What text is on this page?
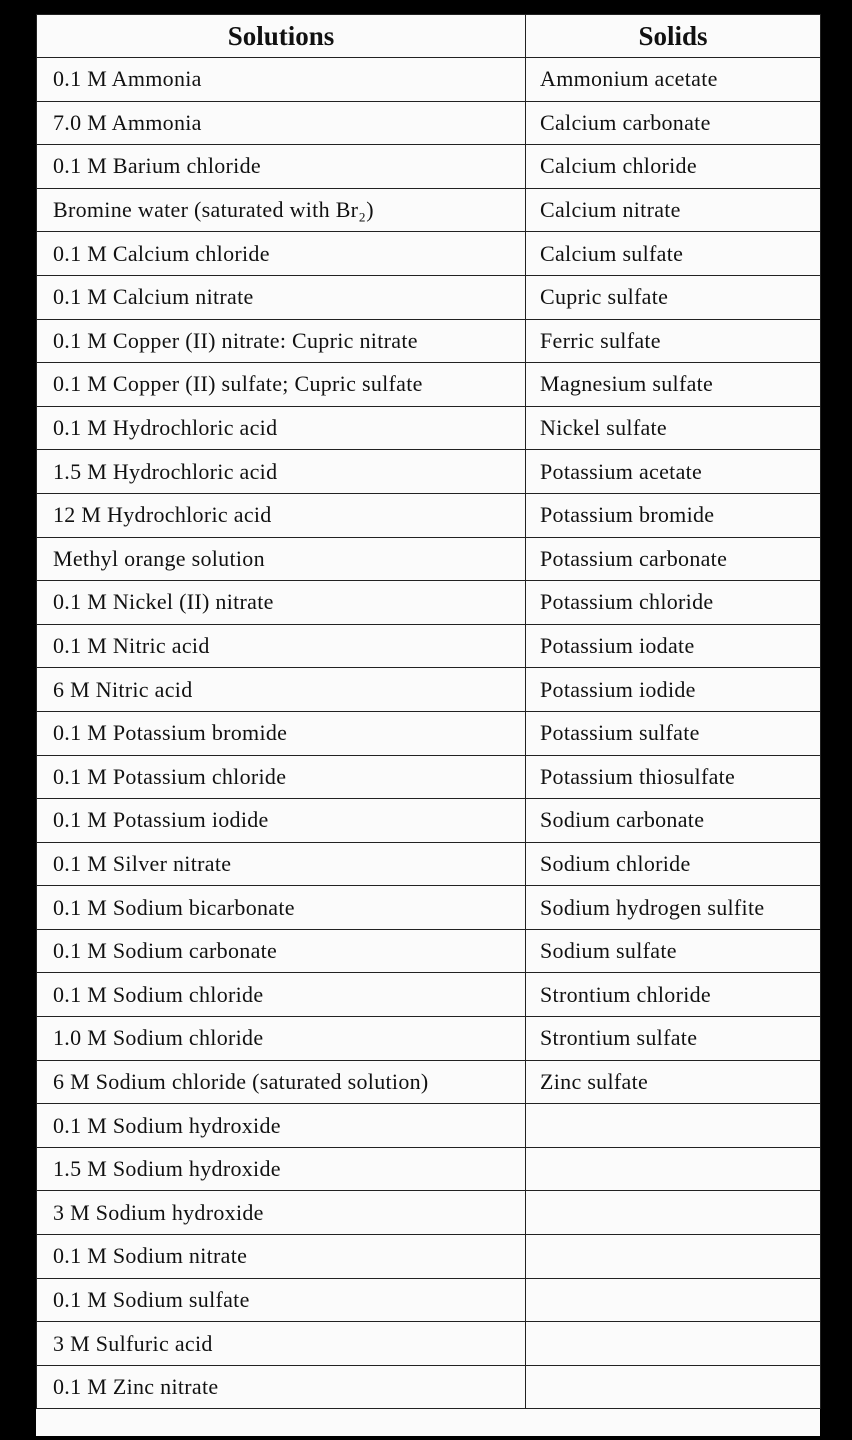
Solutions	Solids
0.1 M Ammonia	Ammonium acetate
7.0 M Ammonia	Calcium carbonate
0.1 M Barium chloride	Calcium chloride
Bromine water (saturated with Br₂)	Calcium nitrate
0.1 M Calcium chloride	Calcium sulfate
0.1 M Calcium nitrate	Cupric sulfate
0.1 M Copper (II) nitrate: Cupric nitrate	Ferric sulfate
0.1 M Copper (II) sulfate; Cupric sulfate	Magnesium sulfate
0.1 M Hydrochloric acid	Nickel sulfate
1.5 M Hydrochloric acid	Potassium acetate
12 M Hydrochloric acid	Potassium bromide
Methyl orange solution	Potassium carbonate
0.1 M Nickel (II) nitrate	Potassium chloride
0.1 M Nitric acid	Potassium iodate
6 M Nitric acid	Potassium iodide
0.1 M Potassium bromide	Potassium sulfate
0.1 M Potassium chloride	Potassium thiosulfate
0.1 M Potassium iodide	Sodium carbonate
0.1 M Silver nitrate	Sodium chloride
0.1 M Sodium bicarbonate	Sodium hydrogen sulfite
0.1 M Sodium carbonate	Sodium sulfate
0.1 M Sodium chloride	Strontium chloride
1.0 M Sodium chloride	Strontium sulfate
6 M Sodium chloride (saturated solution)	Zinc sulfate
0.1 M Sodium hydroxide	
1.5 M Sodium hydroxide	
3 M Sodium hydroxide	
0.1 M Sodium nitrate	
0.1 M Sodium sulfate	
3 M Sulfuric acid	
0.1 M Zinc nitrate	
